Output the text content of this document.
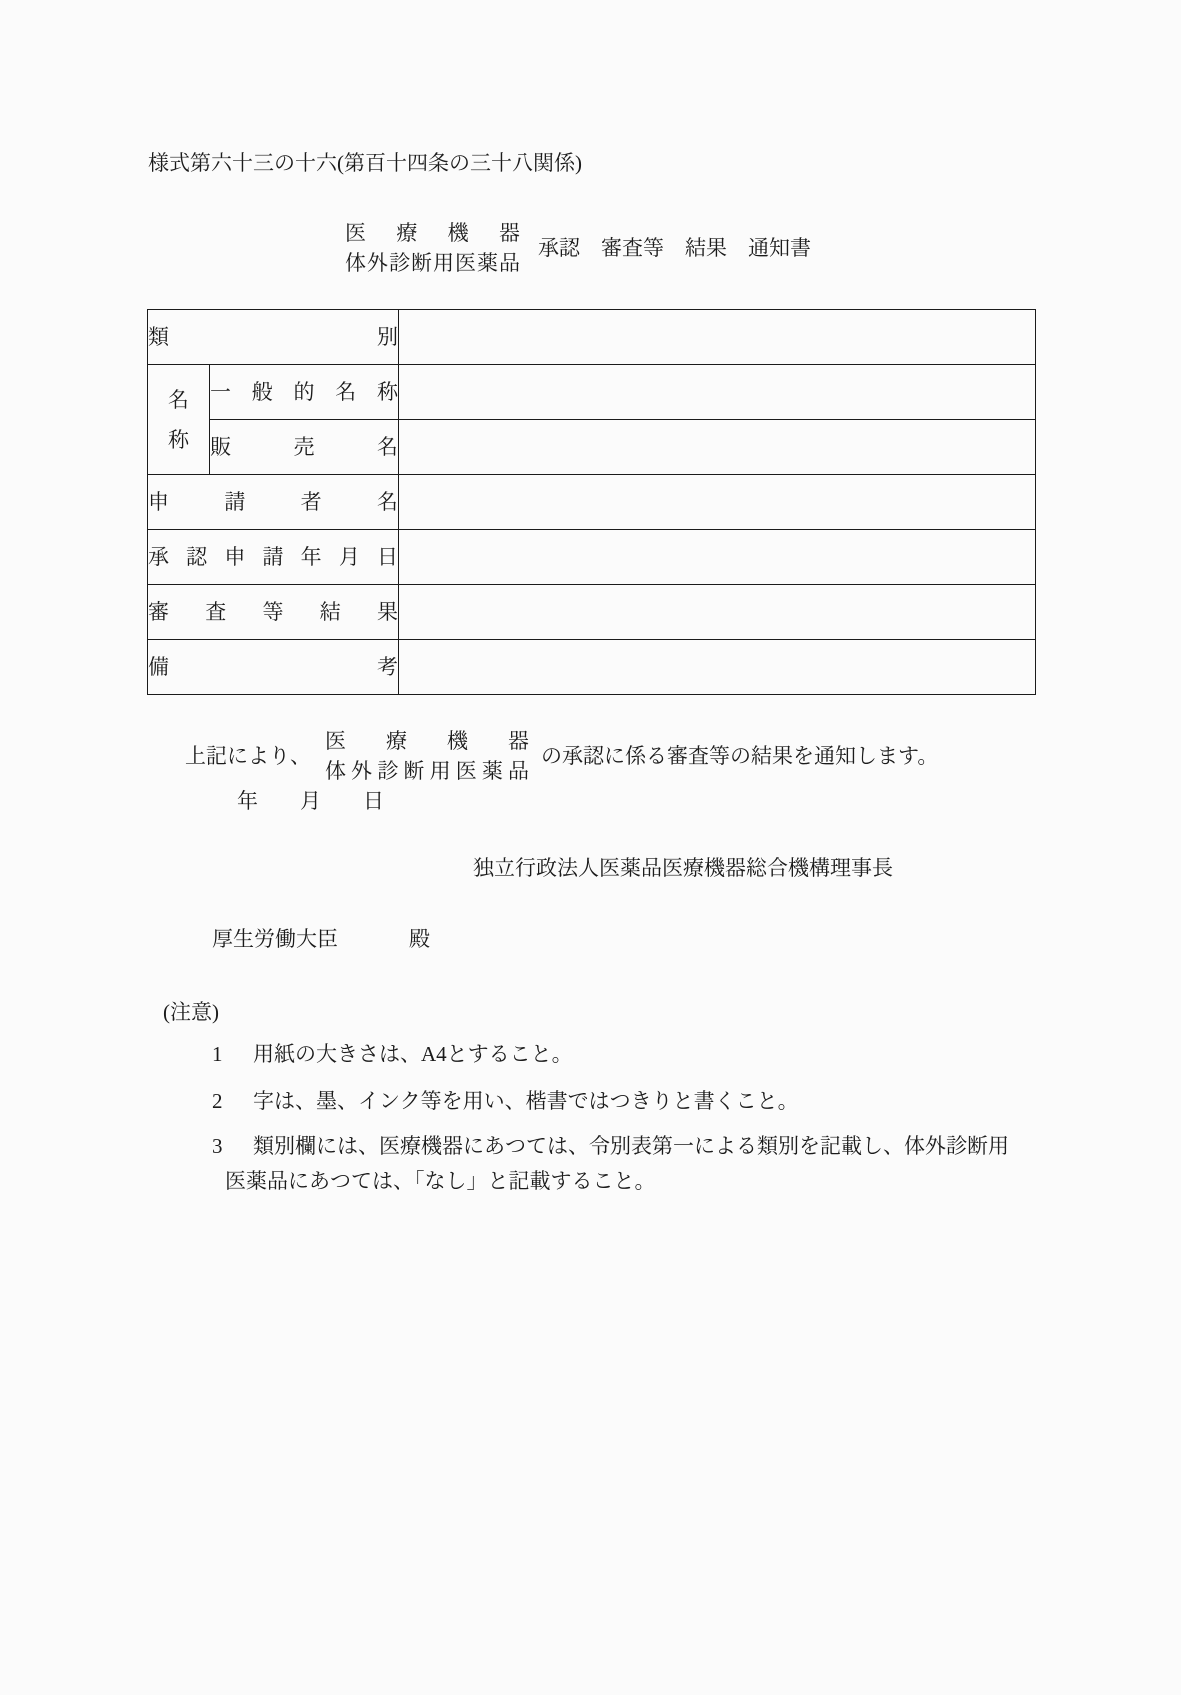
様式第六十三の十六(第百十四条の三十八関係)
医療機器
体外診断用医薬品
承認　審査等　結果　通知書
類別		
名称	一般的名称	
	販売名	
申請者名		
承認申請年月日		
審査等結果		
備考		
上記により、
医療機器
体外診断用医薬品
の承認に係る審査等の結果を通知します。
年　　月　　日
独立行政法人医薬品医療機器総合機構理事長
厚生労働大臣	殿
(注意)
1 用紙の大きさは、A4とすること。
2 字は、墨、インク等を用い、楷書ではつきりと書くこと。
3 類別欄には、医療機器にあつては、令別表第一による類別を記載し、体外診断用
医薬品にあつては、「なし」と記載すること。
